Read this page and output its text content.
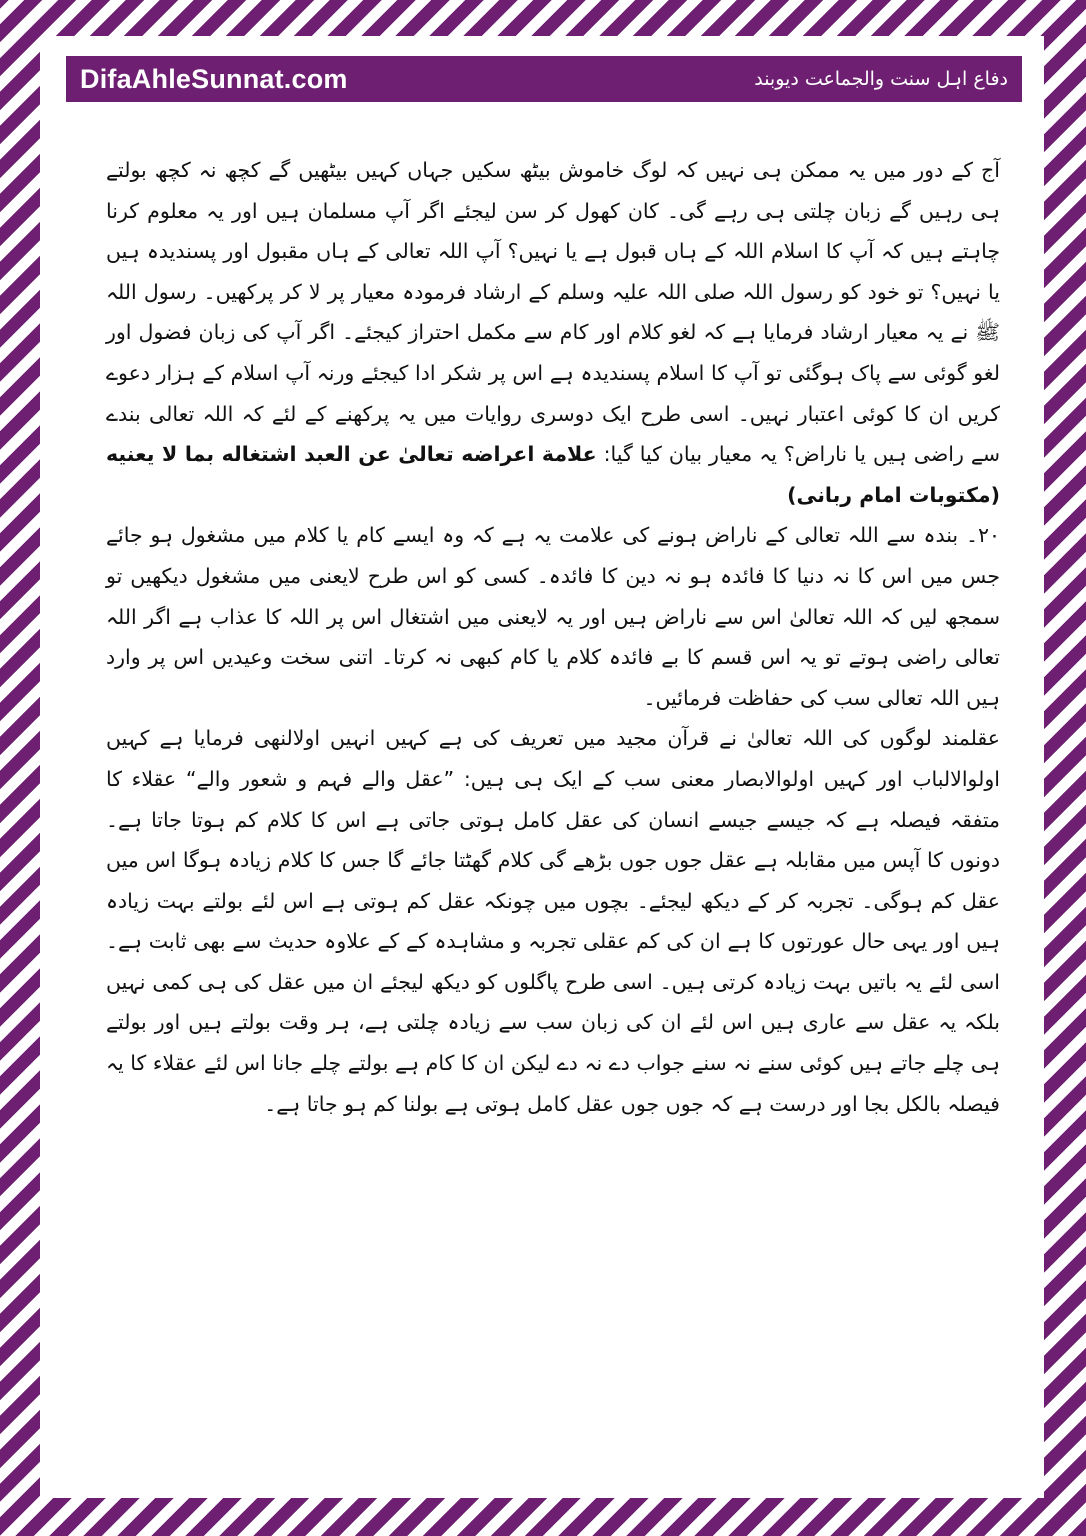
DifaAhleSunnat.com	دفاع اہل سنت والجماعت دیوبند

آج کے دور میں یہ ممکن ہی نہیں کہ لوگ خاموش بیٹھ سکیں جہاں کہیں بیٹھیں گے کچھ نہ کچھ بولتے ہی رہیں گے زبان چلتی ہی رہے گی۔ کان کھول کر سن لیجئے اگر آپ مسلمان ہیں اور یہ معلوم کرنا چاہتے ہیں کہ آپ کا اسلام اللہ کے ہاں قبول ہے یا نہیں؟ آپ اللہ تعالی کے ہاں مقبول اور پسندیدہ ہیں یا نہیں؟ تو خود کو رسول اللہ صلی اللہ علیہ وسلم کے ارشاد فرمودہ معیار پر لا کر پرکھیں۔ رسول اللہ ﷺ نے یہ معیار ارشاد فرمایا ہے کہ لغو کلام اور کام سے مکمل احتراز کیجئے۔ اگر آپ کی زبان فضول اور لغو گوئی سے پاک ہوگئی تو آپ کا اسلام پسندیدہ ہے اس پر شکر ادا کیجئے ورنہ آپ اسلام کے ہزار دعوے کریں ان کا کوئی اعتبار نہیں۔ اسی طرح ایک دوسری روایات میں یہ پرکھنے کے لئے کہ اللہ تعالی بندے سے راضی ہیں یا ناراض؟ یہ معیار بیان کیا گیا: علامة اعراضه تعالیٰ عن العبد اشتغاله بما لا يعنيه (مكتوبات امام ربانی)

۲۰۔ بندہ سے اللہ تعالی کے ناراض ہونے کی علامت یہ ہے کہ وہ ایسے کام یا کلام میں مشغول ہو جائے جس میں اس کا نہ دنیا کا فائدہ ہو نہ دین کا فائدہ۔ کسی کو اس طرح لایعنی میں مشغول دیکھیں تو سمجھ لیں کہ اللہ تعالیٰ اس سے ناراض ہیں اور یہ لایعنی میں اشتغال اس پر اللہ کا عذاب ہے اگر اللہ تعالی راضی ہوتے تو یہ اس قسم کا بے فائدہ کلام یا کام کبھی نہ کرتا۔ اتنی سخت وعیدیں اس پر وارد ہیں اللہ تعالی سب کی حفاظت فرمائیں۔

عقلمند لوگوں کی اللہ تعالیٰ نے قرآن مجید میں تعریف کی ہے کہیں انہیں اولالنھی فرمایا ہے کہیں اولوالالباب اور کہیں اولوالابصار معنی سب کے ایک ہی ہیں: ”عقل والے فہم و شعور والے“ عقلاء کا متفقہ فیصلہ ہے کہ جیسے جیسے انسان کی عقل کامل ہوتی جاتی ہے اس کا کلام کم ہوتا جاتا ہے۔ دونوں کا آپس میں مقابلہ ہے عقل جوں جوں بڑھے گی کلام گھٹتا جائے گا جس کا کلام زیادہ ہوگا اس میں عقل کم ہوگی۔ تجربہ کر کے دیکھ لیجئے۔ بچوں میں چونکہ عقل کم ہوتی ہے اس لئے بولتے بہت زیادہ ہیں اور یہی حال عورتوں کا ہے ان کی کم عقلی تجربہ و مشاہدہ کے کے علاوہ حدیث سے بھی ثابت ہے۔ اسی لئے یہ باتیں بہت زیادہ کرتی ہیں۔ اسی طرح پاگلوں کو دیکھ لیجئے ان میں عقل کی ہی کمی نہیں بلکہ یہ عقل سے عاری ہیں اس لئے ان کی زبان سب سے زیادہ چلتی ہے، ہر وقت بولتے ہیں اور بولتے ہی چلے جاتے ہیں کوئی سنے نہ سنے جواب دے نہ دے لیکن ان کا کام ہے بولتے چلے جانا اس لئے عقلاء کا یہ فیصلہ بالکل بجا اور درست ہے کہ جوں جوں عقل کامل ہوتی ہے بولنا کم ہو جاتا ہے۔
